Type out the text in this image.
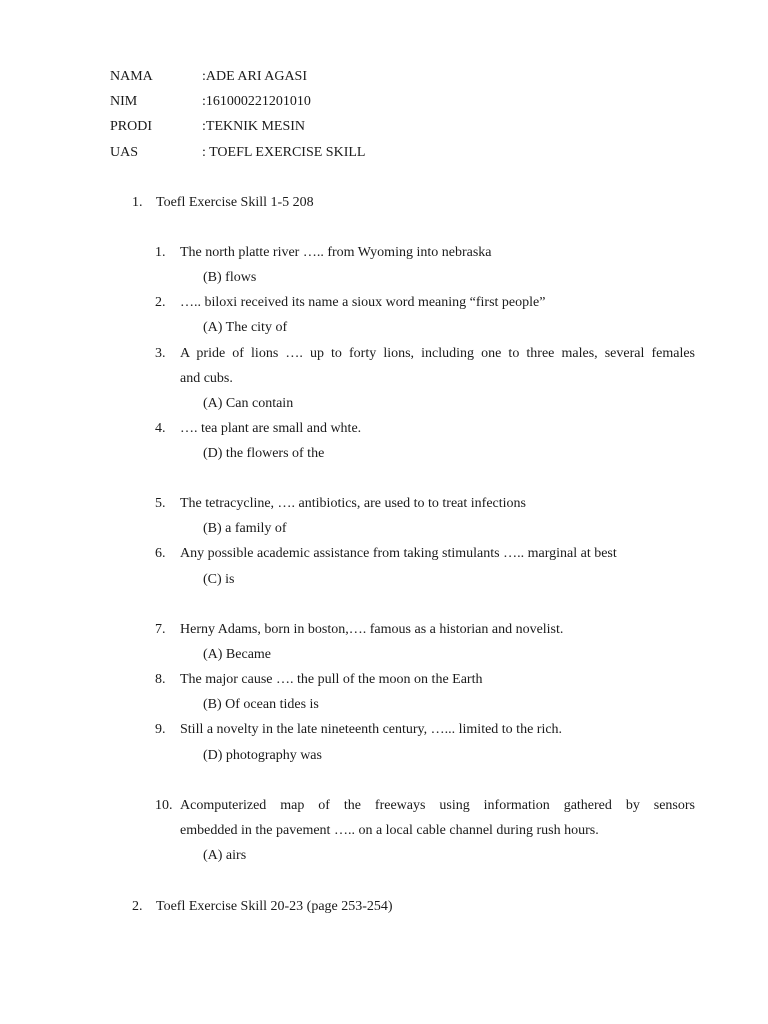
NAMA	:ADE ARI AGASI
NIM	:161000221201010
PRODI	:TEKNIK MESIN
UAS	: TOEFL EXERCISE SKILL
1. Toefl Exercise Skill 1-5 208
1. The north platte river ….. from Wyoming into nebraska
(B) flows
2. ….. biloxi received its name a sioux word meaning “first people”
(A) The city of
3. A pride of lions …. up to forty lions, including one to three males, several females
and cubs.
(A) Can contain
4. …. tea plant are small and whte.
(D) the flowers of the
5. The tetracycline, …. antibiotics, are used to to treat infections
(B) a family of
6. Any possible academic assistance from taking stimulants ….. marginal at best
(C) is
7. Herny Adams, born in boston,…. famous as a historian and novelist.
(A) Became
8. The major cause …. the pull of the moon on the Earth
(B) Of ocean tides is
9. Still a novelty in the late nineteenth century, …... limited to the rich.
(D) photography was
10. Acomputerized map of the freeways using information gathered by sensors
embedded in the pavement ….. on a local cable channel during rush hours.
(A) airs
2. Toefl Exercise Skill 20-23 (page 253-254)
